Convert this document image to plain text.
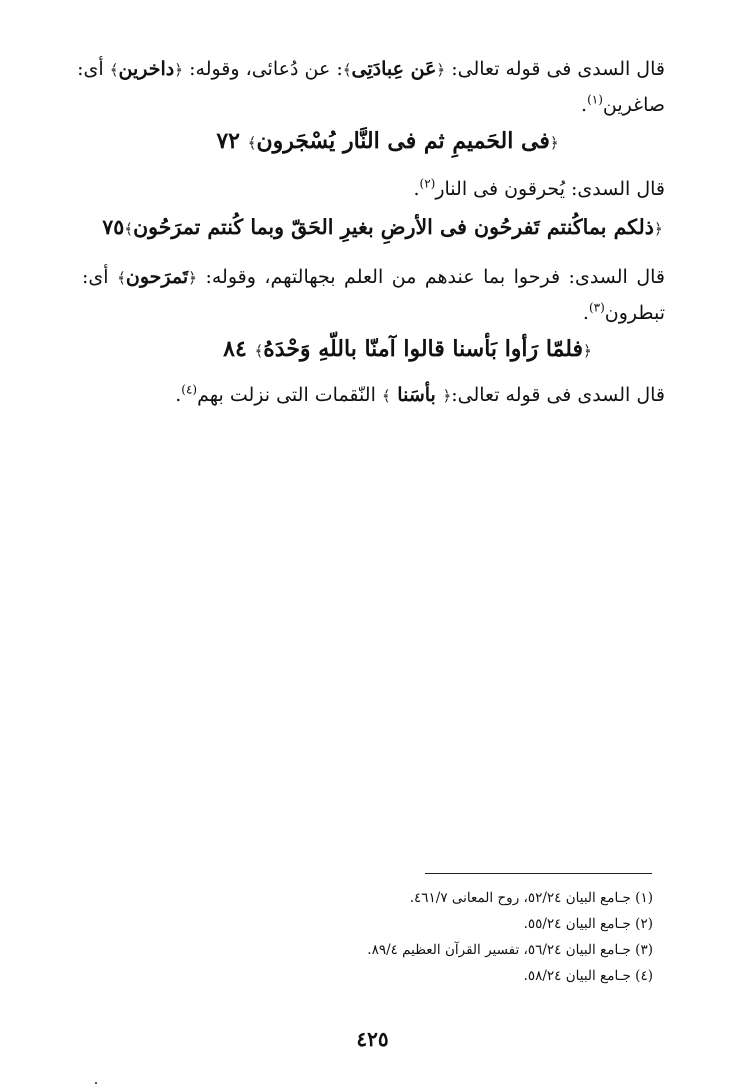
قال السدى فى قوله تعالى: ﴿عَن عِبادَتِى﴾: عن دُعائى، وقوله: ﴿داخرين﴾ أى:
صاغرين$^{(١)}$.
﴿فى الحَميمِ ثم فى النَّار يُسْجَرون﴾ ٧٢
قال السدى: يُحرقون فى النار$^{(٢)}$.
﴿ذلكم بماكُنتم تَفرحُون فى الأرضِ بغيرِ الحَقّ وبما كُنتم تمرَحُون﴾٧٥
قال السدى: فرحوا بما عندهم من العلم بجهالتهم، وقوله: ﴿تَمرَحون﴾ أى:
تبطرون$^{(٣)}$.
﴿فلمّا رَأوا بَأسنا قالوا آمنّا باللّهِ وَحْدَهُ﴾ ٨٤
قال السدى فى قوله تعالى:﴿ بأسَنا ﴾ النّقمات التى نزلت بهم$^{(٤)}$.
(١) جـامع البيان ٥٢/٢٤، روح المعانى ٤٦١/٧.
(٢) جـامع البيان ٥٥/٢٤.
(٣) جـامع البيان ٥٦/٢٤، تفسير القرآن العظيم ٨٩/٤.
(٤) جـامع البيان ٥٨/٢٤.
٤٢٥
